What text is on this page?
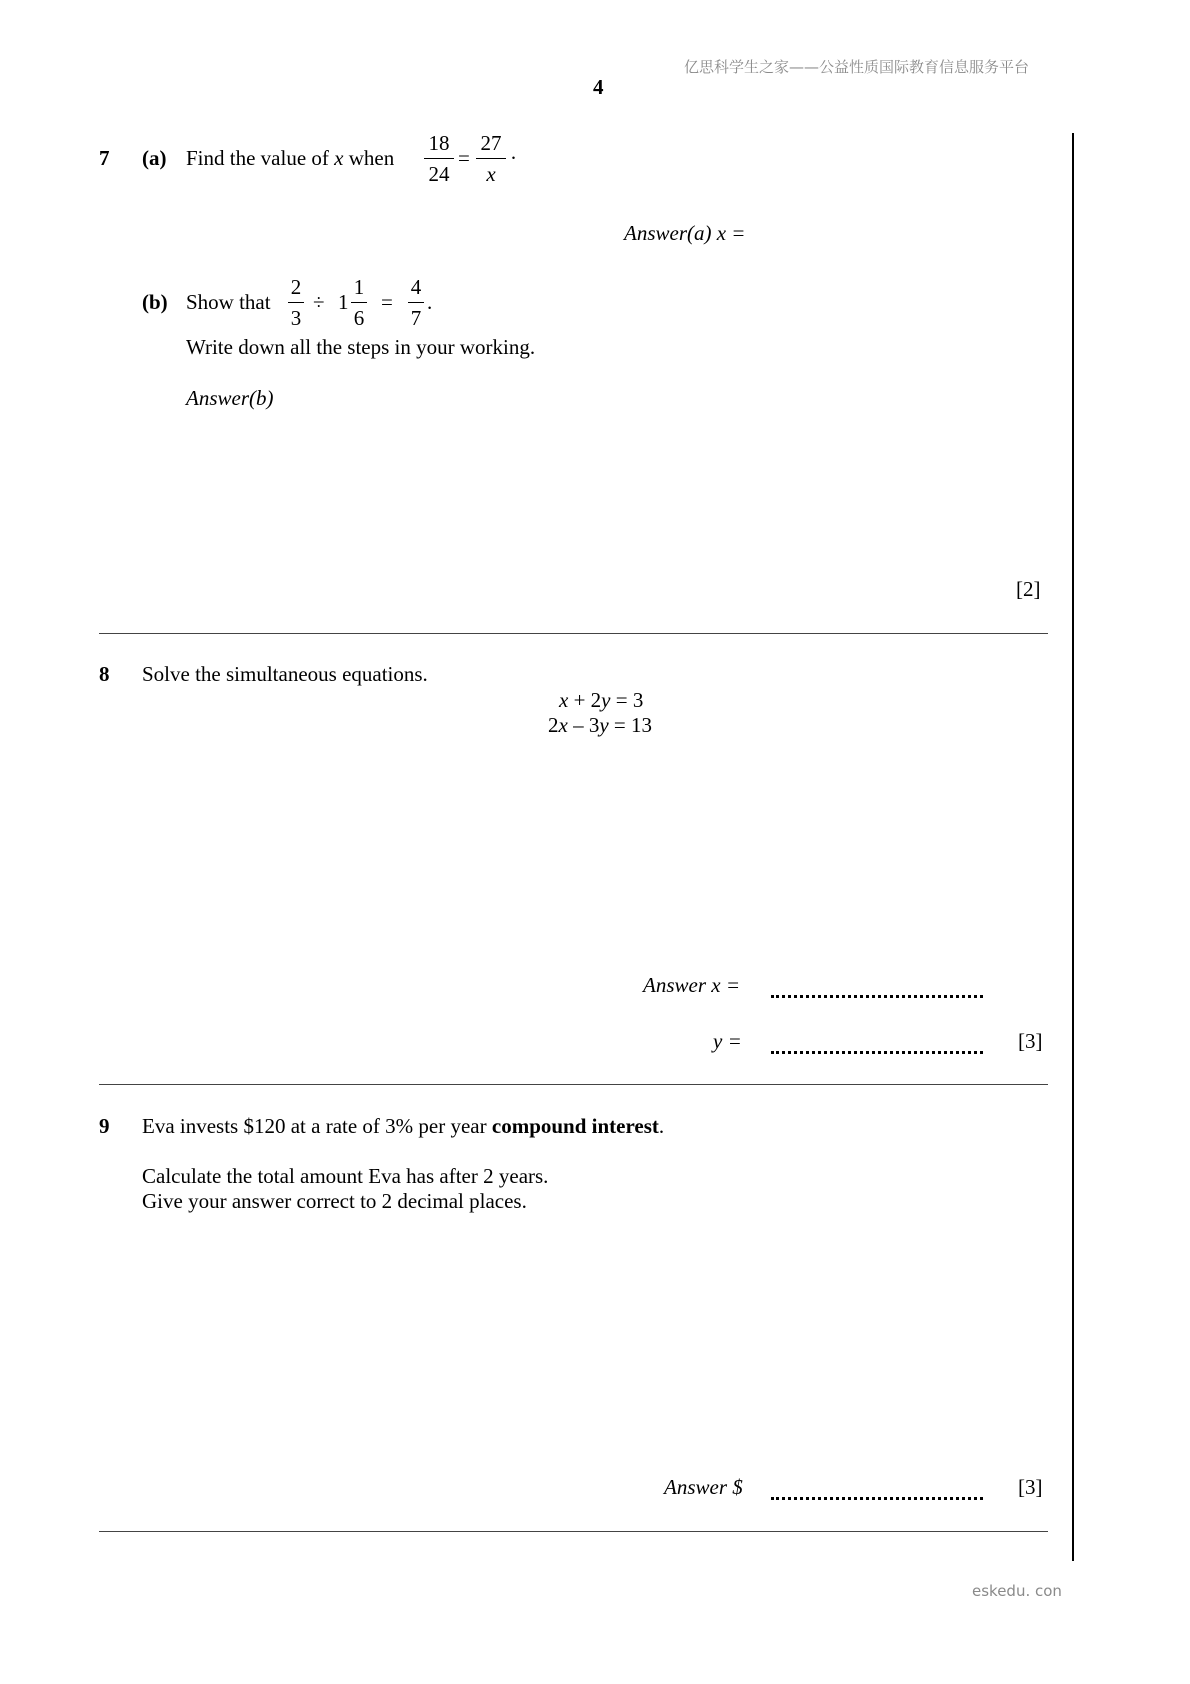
亿思科学生之家——公益性质国际教育信息服务平台
4
7 (a) Find the value of x when
18
24
=
27
x
·
Answer(a) x =
(b) Show that
2
3
÷ 1
1
6
=
4
7
.
Write down all the steps in your working.
Answer(b)
[2]
8 Solve the simultaneous equations.
x + 2y = 3
2x – 3y = 13
Answer x =
y =	[3]
9 Eva invests $120 at a rate of 3% per year compound interest.
Calculate the total amount Eva has after 2 years.
Give your answer correct to 2 decimal places.
Answer $	[3]
eskedu. con
